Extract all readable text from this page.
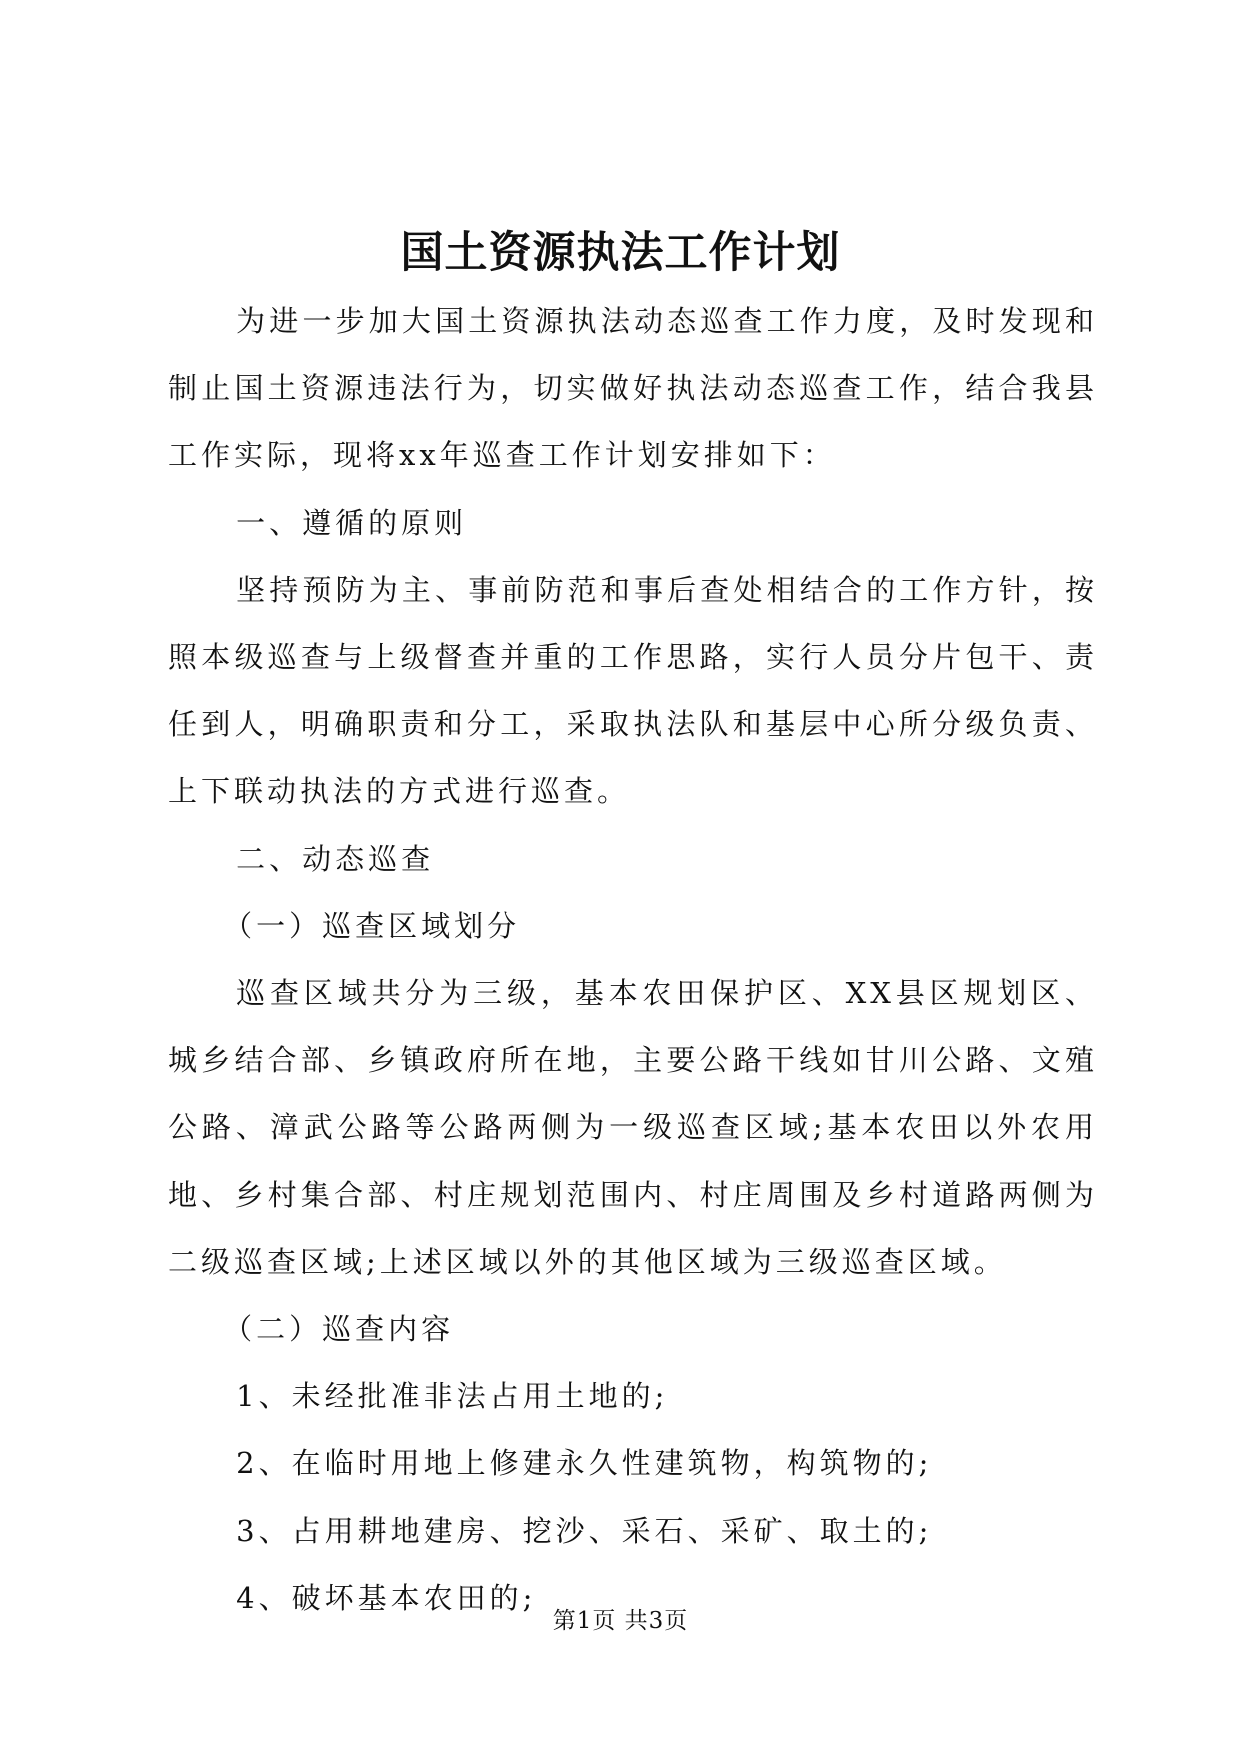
国土资源执法工作计划

为进一步加大国土资源执法动态巡查工作力度，及时发现和制止国土资源违法行为，切实做好执法动态巡查工作，结合我县工作实际，现将xx年巡查工作计划安排如下：

一、遵循的原则

坚持预防为主、事前防范和事后查处相结合的工作方针，按照本级巡查与上级督查并重的工作思路，实行人员分片包干、责任到人，明确职责和分工，采取执法队和基层中心所分级负责、上下联动执法的方式进行巡查。

二、动态巡查

（一）巡查区域划分

巡查区域共分为三级，基本农田保护区、XX县区规划区、城乡结合部、乡镇政府所在地，主要公路干线如甘川公路、文殖公路、漳武公路等公路两侧为一级巡查区域;基本农田以外农用地、乡村集合部、村庄规划范围内、村庄周围及乡村道路两侧为二级巡查区域;上述区域以外的其他区域为三级巡查区域。

（二）巡查内容

1、未经批准非法占用土地的;

2、在临时用地上修建永久性建筑物，构筑物的;

3、占用耕地建房、挖沙、采石、采矿、取土的;

4、破坏基本农田的;

第1页 共3页
